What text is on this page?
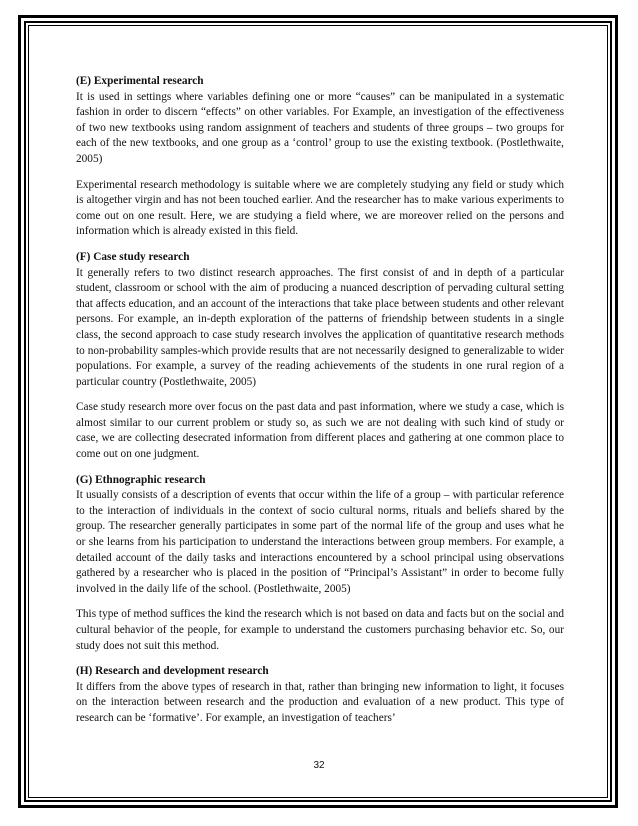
(E) Experimental research

It is used in settings where variables defining one or more “causes” can be manipulated in a systematic fashion in order to discern “effects” on other variables. For Example, an investigation of the effectiveness of two new textbooks using random assignment of teachers and students of three groups – two groups for each of the new textbooks, and one group as a ‘control’ group to use the existing textbook. (Postlethwaite, 2005)

Experimental research methodology is suitable where we are completely studying any field or study which is altogether virgin and has not been touched earlier. And the researcher has to make various experiments to come out on one result. Here, we are studying a field where, we are moreover relied on the persons and information which is already existed in this field.

(F) Case study research

It generally refers to two distinct research approaches. The first consist of and in depth of a particular student, classroom or school with the aim of producing a nuanced description of pervading cultural setting that affects education, and an account of the interactions that take place between students and other relevant persons. For example, an in-depth exploration of the patterns of friendship between students in a single class, the second approach to case study research involves the application of quantitative research methods to non-probability samples-which provide results that are not necessarily designed to generalizable to wider populations. For example, a survey of the reading achievements of the students in one rural region of a particular country (Postlethwaite, 2005)

Case study research more over focus on the past data and past information, where we study a case, which is almost similar to our current problem or study so, as such we are not dealing with such kind of study or case, we are collecting desecrated information from different places and gathering at one common place to come out on one judgment.

(G) Ethnographic research

It usually consists of a description of events that occur within the life of a group – with particular reference to the interaction of individuals in the context of socio cultural norms, rituals and beliefs shared by the group. The researcher generally participates in some part of the normal life of the group and uses what he or she learns from his participation to understand the interactions between group members. For example, a detailed account of the daily tasks and interactions encountered by a school principal using observations gathered by a researcher who is placed in the position of “Principal’s Assistant” in order to become fully involved in the daily life of the school. (Postlethwaite, 2005)

This type of method suffices the kind the research which is not based on data and facts but on the social and cultural behavior of the people, for example to understand the customers purchasing behavior etc. So, our study does not suit this method.

(H) Research and development research

It differs from the above types of research in that, rather than bringing new information to light, it focuses on the interaction between research and the production and evaluation of a new product. This type of research can be ‘formative’. For example, an investigation of teachers’

32
